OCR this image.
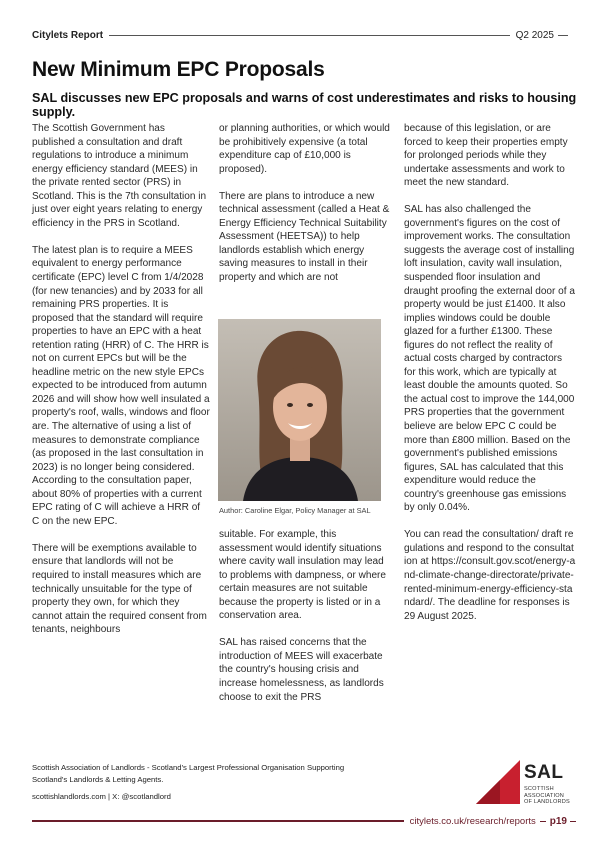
Citylets Report	Q2 2025
New Minimum EPC Proposals

SAL discusses new EPC proposals and warns of cost underestimates and risks to housing supply.

The Scottish Government has published a consultation and draft regulations to introduce a minimum energy efficiency standard (MEES) in the private rented sector (PRS) in Scotland. This is the 7th consultation in just over eight years relating to energy efficiency in the PRS in Scotland.

The latest plan is to require a MEES equivalent to energy performance certificate (EPC) level C from 1/4/2028 (for new tenancies) and by 2033 for all remaining PRS properties. It is proposed that the standard will require properties to have an EPC with a heat retention rating (HRR) of C. The HRR is not on current EPCs but will be the headline metric on the new style EPCs expected to be introduced from autumn 2026 and will show how well insulated a property's roof, walls, windows and floor are. The alternative of using a list of measures to demonstrate compliance (as proposed in the last consultation in 2023) is no longer being considered. According to the consultation paper, about 80% of properties with a current EPC rating of C will achieve a HRR of C on the new EPC.

There will be exemptions available to ensure that landlords will not be required to install measures which are technically unsuitable for the type of property they own, for which they cannot attain the required consent from tenants, neighbours

or planning authorities, or which would be prohibitively expensive (a total expenditure cap of £10,000 is proposed).

There are plans to introduce a new technical assessment (called a Heat & Energy Efficiency Technical Suitability Assessment (HEETSA)) to help landlords establish which energy saving measures to install in their property and which are not

Author: Caroline Elgar, Policy Manager at SAL

suitable. For example, this assessment would identify situations where cavity wall insulation may lead to problems with dampness, or where certain measures are not suitable because the property is listed or in a conservation area.

SAL has raised concerns that the introduction of MEES will exacerbate the country's housing crisis and increase homelessness, as landlords choose to exit the PRS

because of this legislation, or are forced to keep their properties empty for prolonged periods while they undertake assessments and work to meet the new standard.

SAL has also challenged the government's figures on the cost of improvement works. The consultation suggests the average cost of installing loft insulation, cavity wall insulation, suspended floor insulation and draught proofing the external door of a property would be just £1400. It also implies windows could be double glazed for a further £1300. These figures do not reflect the reality of actual costs charged by contractors for this work, which are typically at least double the amounts quoted. So the actual cost to improve the 144,000 PRS properties that the government believe are below EPC C could be more than £800 million. Based on the government's published emissions figures, SAL has calculated that this expenditure would reduce the country's greenhouse gas emissions by only 0.04%.

You can read the consultation/ draft regulations and respond to the consultation at https://consult.gov.scot/energy-and-climate-change-directorate/private-rented-minimum-energy-efficiency-standard/. The deadline for responses is 29 August 2025.

Scottish Association of Landlords - Scotland's Largest Professional Organisation Supporting
Scotland's Landlords & Letting Agents.
scottishlandlords.com | X: @scotlandlord
SAL
SCOTTISH
ASSOCIATION
OF LANDLORDS
citylets.co.uk/research/reports p19
